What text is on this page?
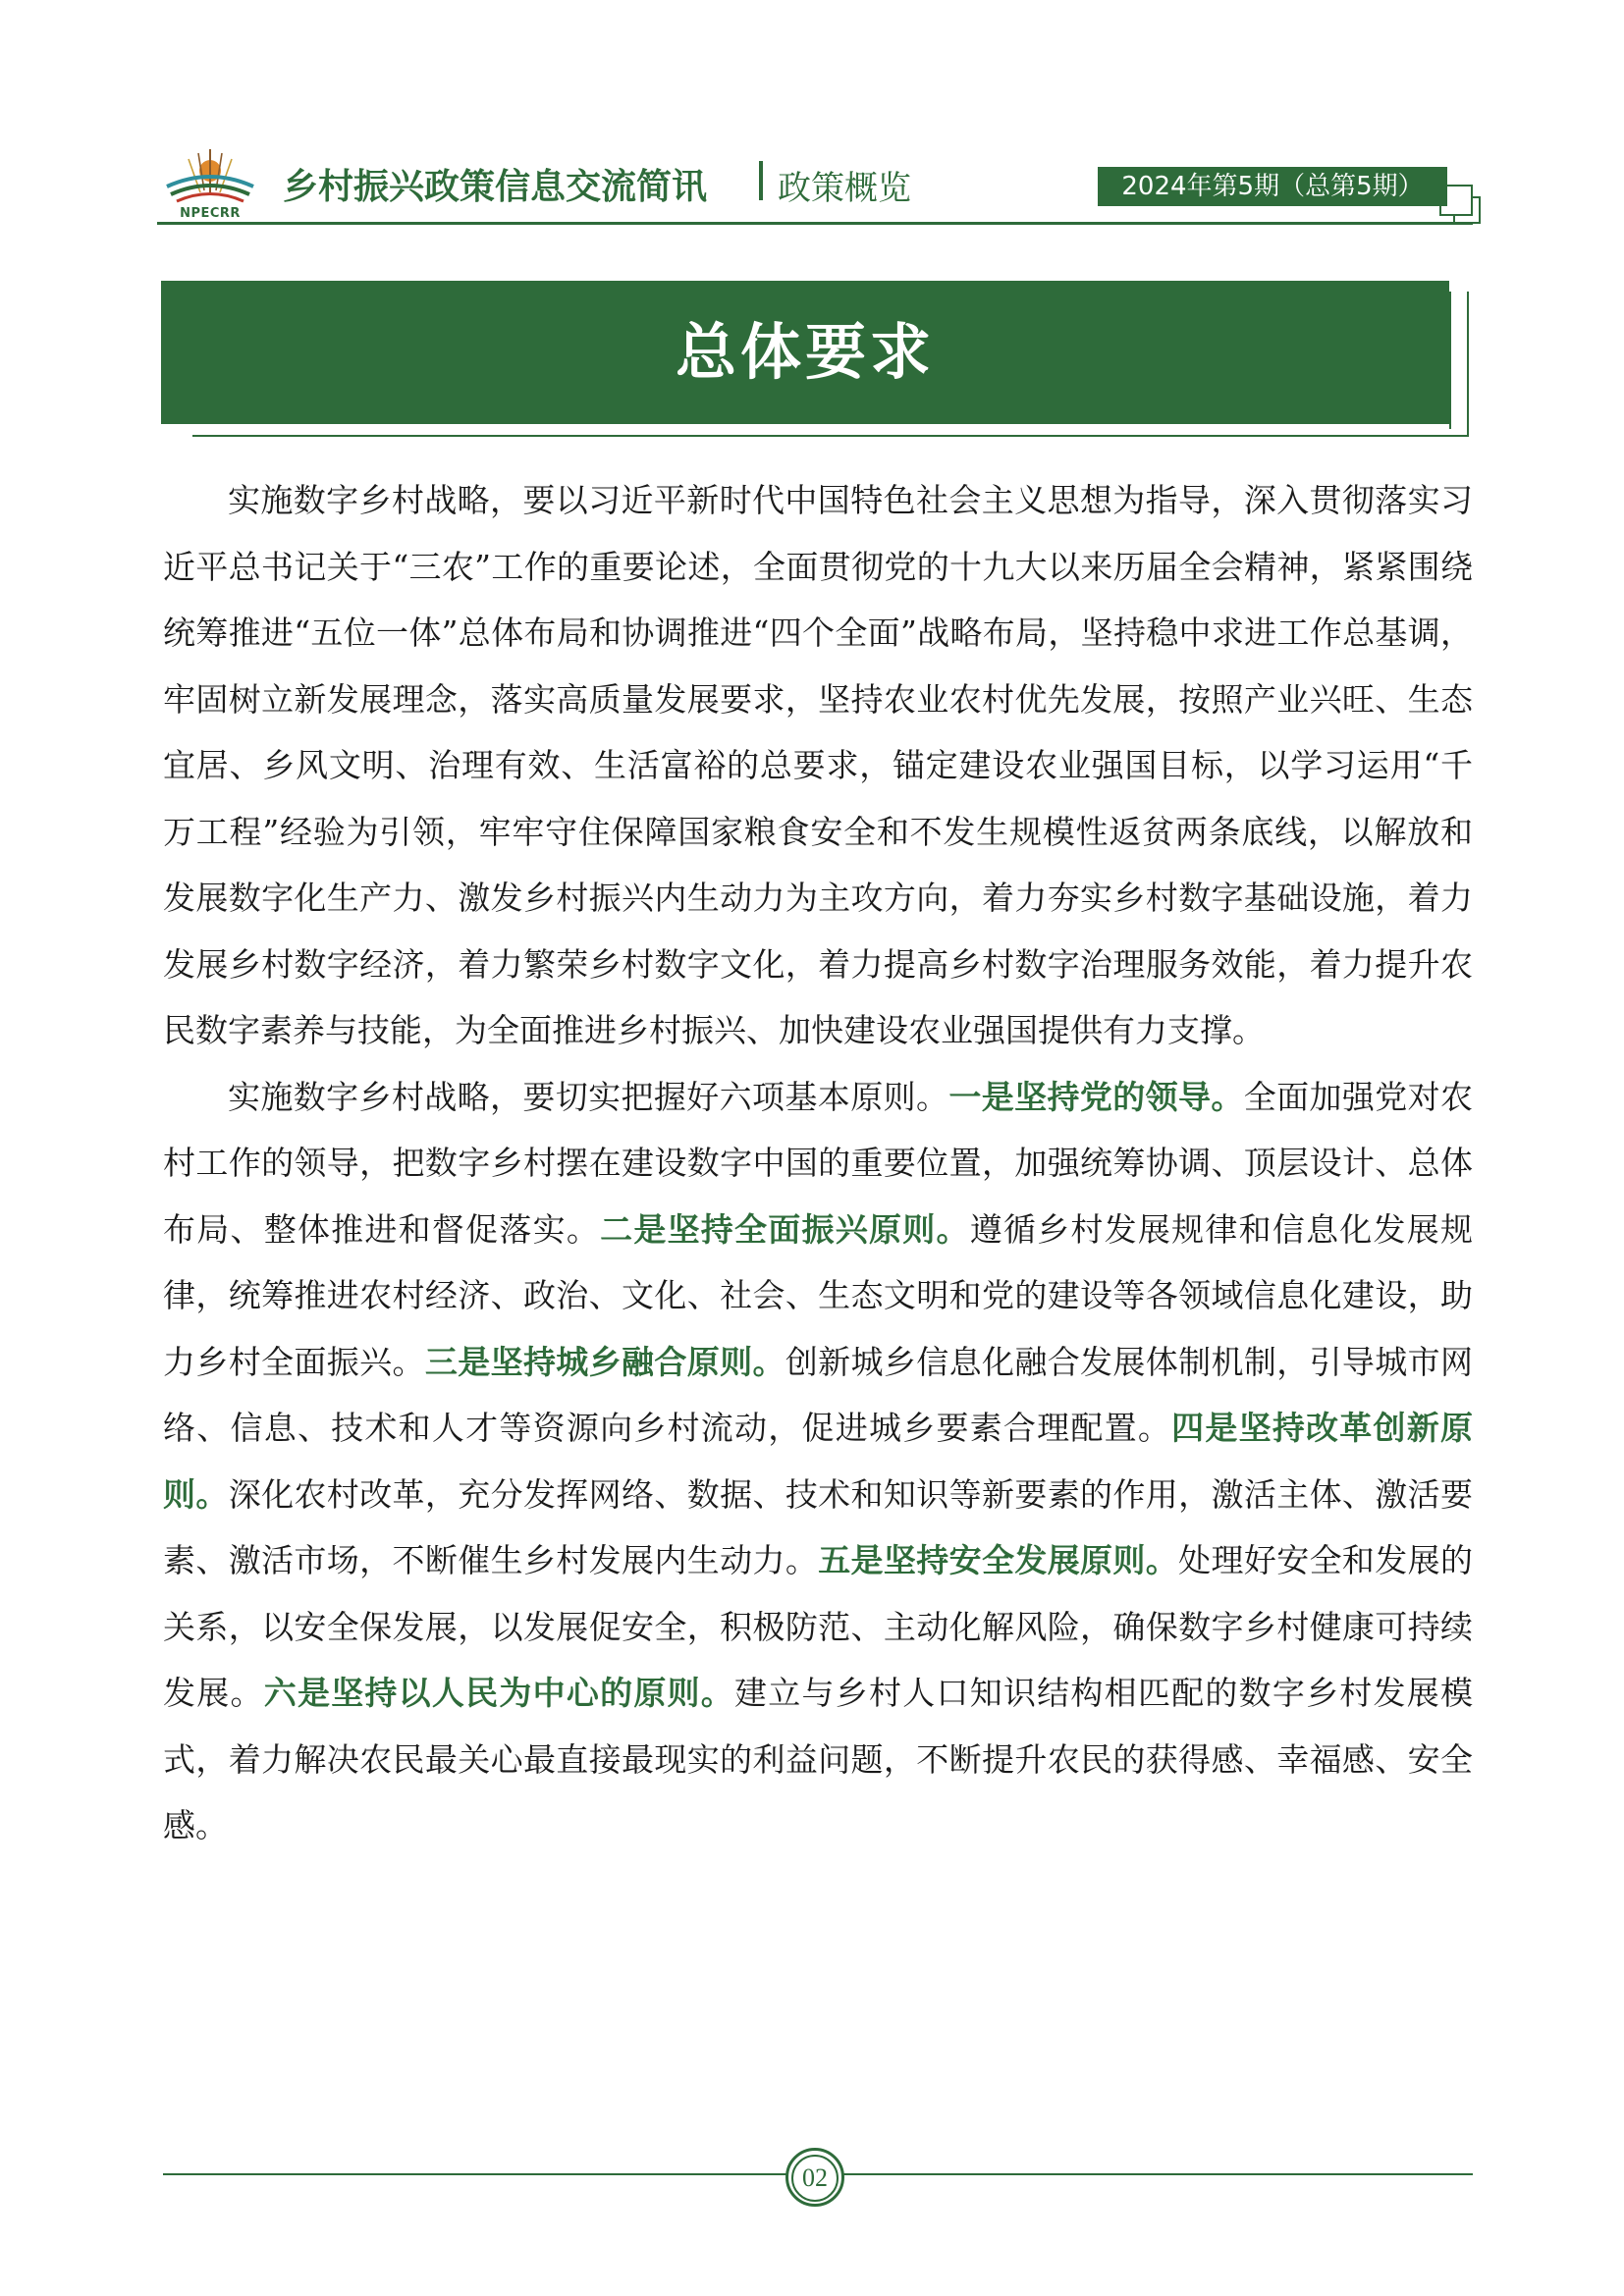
NPECRR
乡村振兴政策信息交流简讯 政策概览	2024年第5期（总第5期）
总体要求

实施数字乡村战略，要以习近平新时代中国特色社会主义思想为指导，深入贯彻落实习近平总书记关于“三农”工作的重要论述，全面贯彻党的十九大以来历届全会精神，紧紧围绕统筹推进“五位一体”总体布局和协调推进“四个全面”战略布局，坚持稳中求进工作总基调，牢固树立新发展理念，落实高质量发展要求，坚持农业农村优先发展，按照产业兴旺、生态宜居、乡风文明、治理有效、生活富裕的总要求，锚定建设农业强国目标，以学习运用“千万工程”经验为引领，牢牢守住保障国家粮食安全和不发生规模性返贫两条底线，以解放和发展数字化生产力、激发乡村振兴内生动力为主攻方向，着力夯实乡村数字基础设施，着力发展乡村数字经济，着力繁荣乡村数字文化，着力提高乡村数字治理服务效能，着力提升农民数字素养与技能，为全面推进乡村振兴、加快建设农业强国提供有力支撑。

实施数字乡村战略，要切实把握好六项基本原则。一是坚持党的领导。全面加强党对农村工作的领导，把数字乡村摆在建设数字中国的重要位置，加强统筹协调、顶层设计、总体布局、整体推进和督促落实。二是坚持全面振兴原则。遵循乡村发展规律和信息化发展规律，统筹推进农村经济、政治、文化、社会、生态文明和党的建设等各领域信息化建设，助力乡村全面振兴。三是坚持城乡融合原则。创新城乡信息化融合发展体制机制，引导城市网络、信息、技术和人才等资源向乡村流动，促进城乡要素合理配置。四是坚持改革创新原则。深化农村改革，充分发挥网络、数据、技术和知识等新要素的作用，激活主体、激活要素、激活市场，不断催生乡村发展内生动力。五是坚持安全发展原则。处理好安全和发展的关系，以安全保发展，以发展促安全，积极防范、主动化解风险，确保数字乡村健康可持续发展。六是坚持以人民为中心的原则。建立与乡村人口知识结构相匹配的数字乡村发展模式，着力解决农民最关心最直接最现实的利益问题，不断提升农民的获得感、幸福感、安全感。

02
